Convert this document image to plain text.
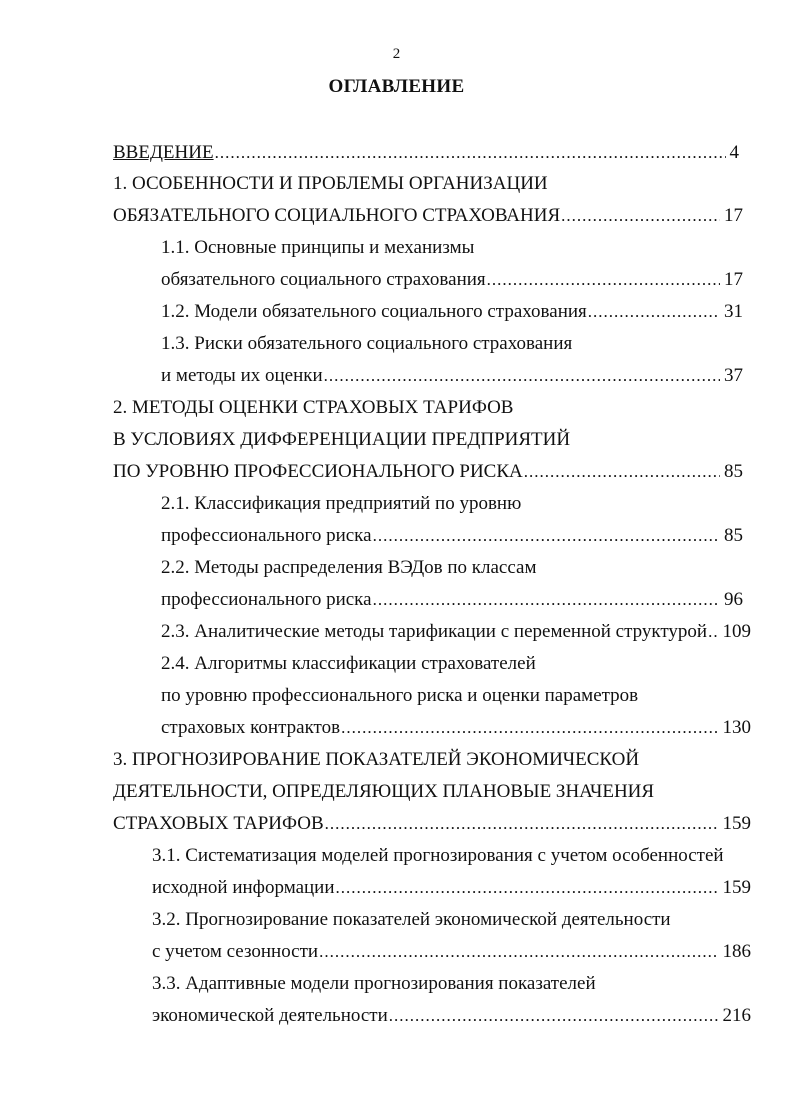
2
ОГЛАВЛЕНИЕ
ВВЕДЕНИЕ .....	4
1. ОСОБЕННОСТИ И ПРОБЛЕМЫ ОРГАНИЗАЦИИ
ОБЯЗАТЕЛЬНОГО СОЦИАЛЬНОГО СТРАХОВАНИЯ .....	17
1.1. Основные принципы и механизмы
обязательного социального страхования .....	17
1.2. Модели обязательного социального страхования .....	31
1.3. Риски обязательного социального страхования
и методы их оценки .....	37
2. МЕТОДЫ ОЦЕНКИ СТРАХОВЫХ ТАРИФОВ
В УСЛОВИЯХ ДИФФЕРЕНЦИАЦИИ ПРЕДПРИЯТИЙ
ПО УРОВНЮ ПРОФЕССИОНАЛЬНОГО РИСКА .....	85
2.1. Классификация предприятий по уровню
профессионального риска .....	85
2.2. Методы распределения ВЭДов по классам
профессионального риска .....	96
2.3. Аналитические методы тарификации с переменной структурой ..... 109
2.4. Алгоритмы классификации страхователей
по уровню профессионального риска и оценки параметров
страховых контрактов .....	130
3. ПРОГНОЗИРОВАНИЕ ПОКАЗАТЕЛЕЙ ЭКОНОМИЧЕСКОЙ
ДЕЯТЕЛЬНОСТИ, ОПРЕДЕЛЯЮЩИХ ПЛАНОВЫЕ ЗНАЧЕНИЯ
СТРАХОВЫХ ТАРИФОВ .....	159
3.1. Систематизация моделей прогнозирования с учетом особенностей
исходной информации .....	159
3.2. Прогнозирование показателей экономической деятельности
с учетом сезонности .....	186
3.3. Адаптивные модели прогнозирования показателей
экономической деятельности .....	216
